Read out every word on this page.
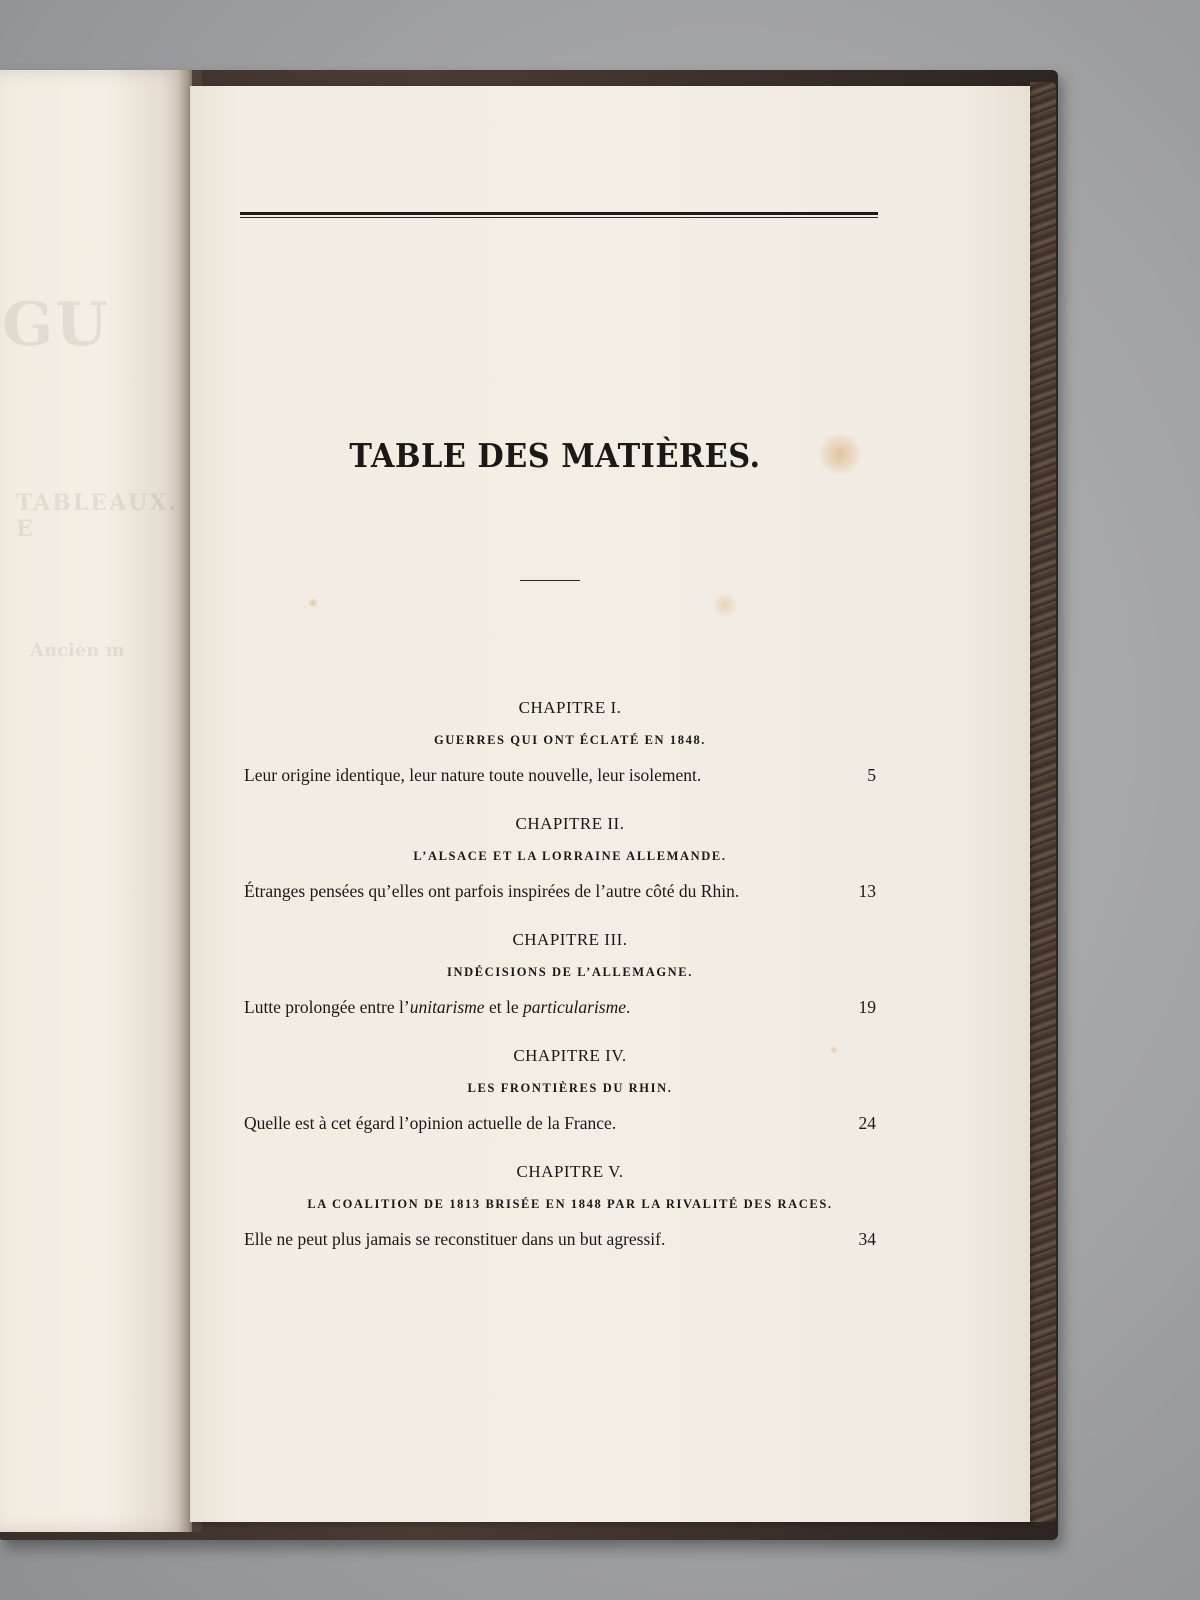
GU
TABLEAUX. E
Ancien m
TABLE DES MATIÈRES.
CHAPITRE I.
GUERRES QUI ONT ÉCLATÉ EN 1848.
Leur origine identique, leur nature toute nouvelle, leur isolement.	5
CHAPITRE II.
L’ALSACE ET LA LORRAINE ALLEMANDE.
Étranges pensées qu’elles ont parfois inspirées de l’autre côté du Rhin.	13
CHAPITRE III.
INDÉCISIONS DE L’ALLEMAGNE.
Lutte prolongée entre l’unitarisme et le particularisme.	19
CHAPITRE IV.
LES FRONTIÈRES DU RHIN.
Quelle est à cet égard l’opinion actuelle de la France.	24
CHAPITRE V.
LA COALITION DE 1813 BRISÉE EN 1848 PAR LA RIVALITÉ DES RACES.
Elle ne peut plus jamais se reconstituer dans un but agressif.	34
